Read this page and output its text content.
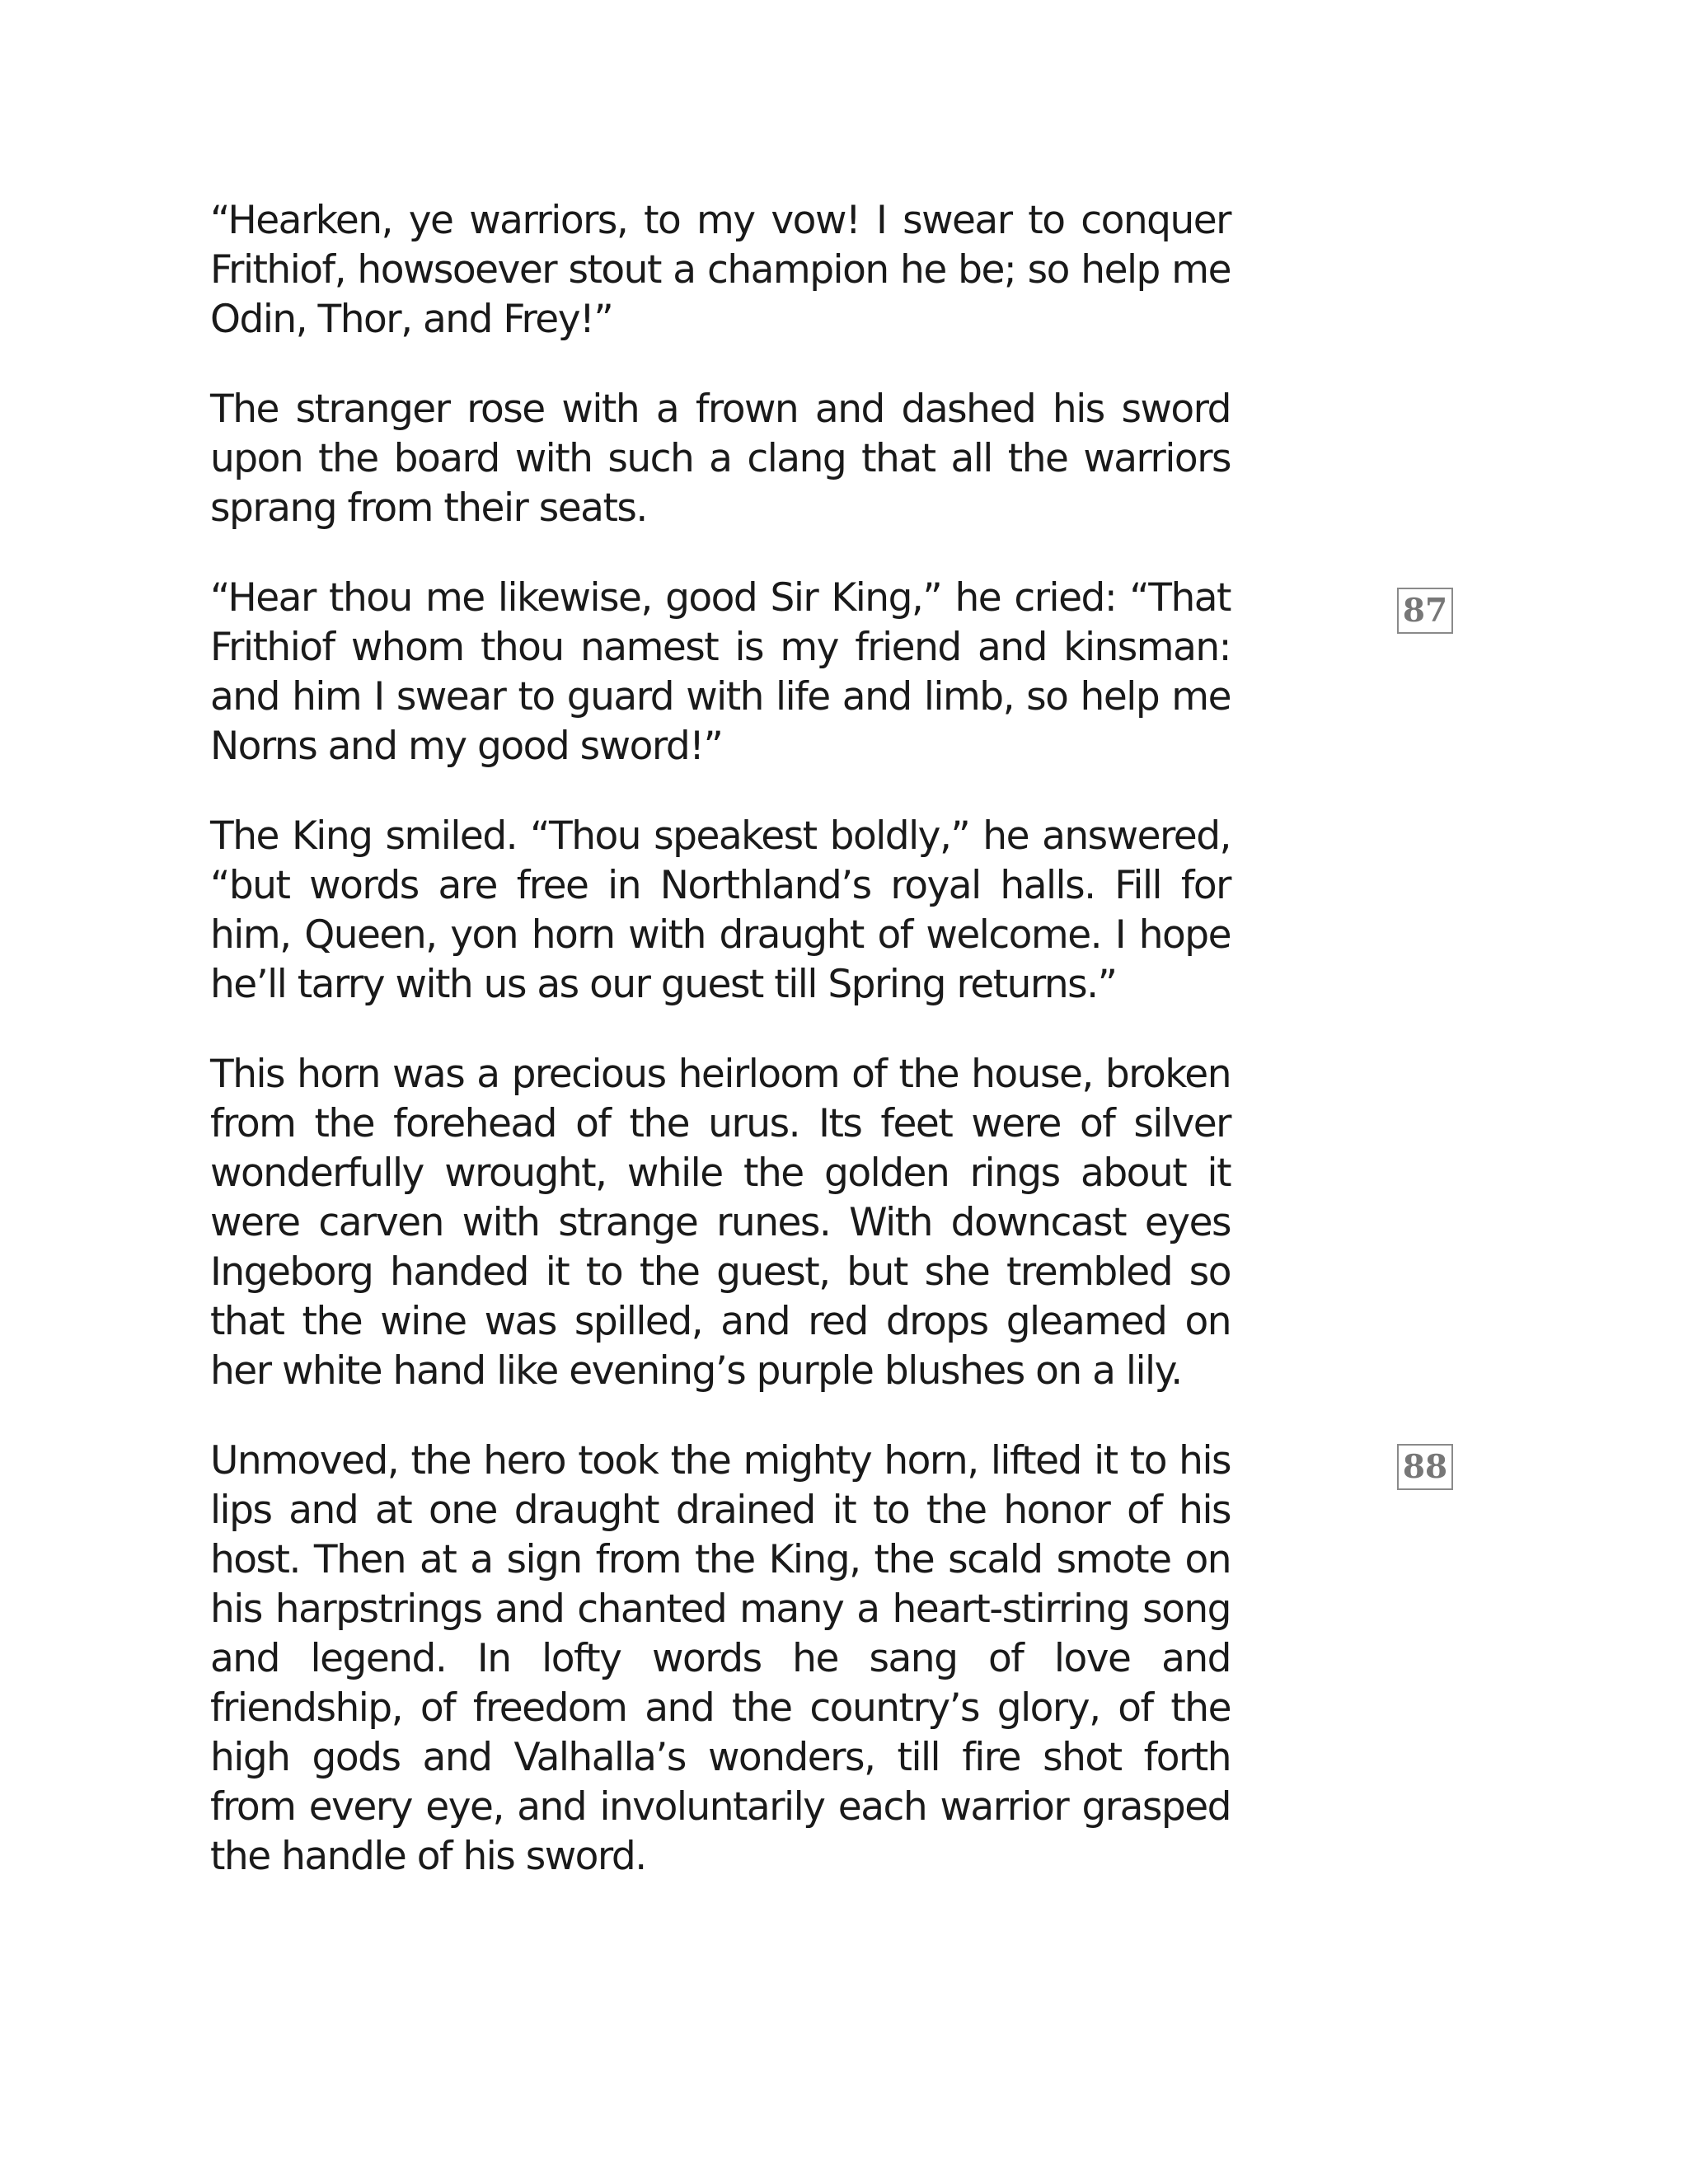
“Hearken, ye warriors, to my vow! I swear to conquer Frithiof, howsoever stout a champion he be; so help me Odin, Thor, and Frey!”

The stranger rose with a frown and dashed his sword upon the board with such a clang that all the warriors sprang from their seats.

“Hear thou me likewise, good Sir King,” he cried: “That Frithiof whom thou namest is my friend and kinsman: and him I swear to guard with life and limb, so help me Norns and my good sword!”

The King smiled. “Thou speakest boldly,” he answered, “but words are free in Northland’s royal halls. Fill for him, Queen, yon horn with draught of welcome. I hope he’ll tarry with us as our guest till Spring returns.”

This horn was a precious heirloom of the house, broken from the forehead of the urus. Its feet were of silver wonderfully wrought, while the golden rings about it were carven with strange runes. With downcast eyes Ingeborg handed it to the guest, but she trembled so that the wine was spilled, and red drops gleamed on her white hand like evening’s purple blushes on a lily.

Unmoved, the hero took the mighty horn, lifted it to his lips and at one draught drained it to the honor of his host. Then at a sign from the King, the scald smote on his harpstrings and chanted many a heart-stirring song and legend. In lofty words he sang of love and friendship, of freedom and the country’s glory, of the high gods and Valhalla’s wonders, till fire shot forth from every eye, and involuntarily each warrior grasped the handle of his sword.

87
88
